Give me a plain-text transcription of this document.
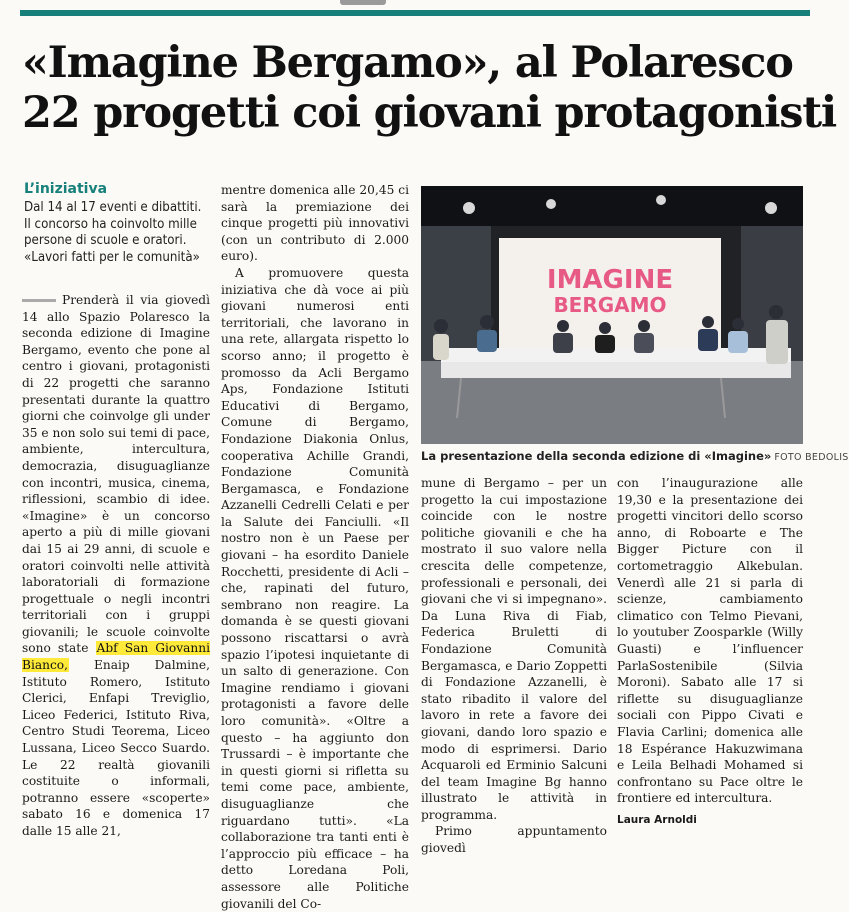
«Imagine Bergamo», al Polaresco
22 progetti coi giovani protagonisti
L’iniziativa
Dal 14 al 17 eventi e dibattiti.
Il concorso ha coinvolto mille
persone di scuole e oratori.
«Lavori fatti per le comunità»

Prenderà il via giovedì 14 allo Spazio Polaresco la seconda edizione di Imagine Bergamo, evento che pone al centro i giovani, protagonisti di 22 progetti che saranno presentati durante la quattro giorni che coinvolge gli under 35 e non solo sui temi di pace, ambiente, intercultura, democrazia, disuguaglianze con incontri, musica, cinema, riflessioni, scambio di idee. «Imagine» è un concorso aperto a più di mille giovani dai 15 ai 29 anni, di scuole e oratori coinvolti nelle attività laboratoriali di formazione progettuale o negli incontri territoriali con i gruppi giovanili; le scuole coinvolte sono state Abf San Giovanni Bianco, Enaip Dalmine, Istituto Romero, Istituto Clerici, Enfapi Treviglio, Liceo Federici, Istituto Riva, Centro Studi Teorema, Liceo Lussana, Liceo Secco Suardo. Le 22 realtà giovanili costituite o informali, potranno essere «scoperte» sabato 16 e domenica 17 dalle 15 alle 21,

mentre domenica alle 20,45 ci sarà la premiazione dei cinque progetti più innovativi (con un contributo di 2.000 euro).

A promuovere questa iniziativa che dà voce ai più giovani numerosi enti territoriali, che lavorano in una rete, allargata rispetto lo scorso anno; il progetto è promosso da Acli Bergamo Aps, Fondazione Istituti Educativi di Bergamo, Comune di Bergamo, Fondazione Diakonia Onlus, cooperativa Achille Grandi, Fondazione Comunità Bergamasca, e Fondazione Azzanelli Cedrelli Celati e per la Salute dei Fanciulli. «Il nostro non è un Paese per giovani – ha esordito Daniele Rocchetti, presidente di Acli – che, rapinati del futuro, sembrano non reagire. La domanda è se questi giovani possono riscattarsi o avrà spazio l’ipotesi inquietante di un salto di generazione. Con Imagine rendiamo i giovani protagonisti a favore delle loro comunità». «Oltre a questo – ha aggiunto don Trussardi – è importante che in questi giorni si rifletta su temi come pace, ambiente, disuguaglianze che riguardano tutti». «La collaborazione tra tanti enti è l’approccio più efficace – ha detto Loredana Poli, assessore alle Politiche giovanili del Co-

IMAGINE
BERGAMO
La presentazione della seconda edizione di «Imagine» FOTO BEDOLIS

mune di Bergamo – per un progetto la cui impostazione coincide con le nostre politiche giovanili e che ha mostrato il suo valore nella crescita delle competenze, professionali e personali, dei giovani che vi si impegnano». Da Luna Riva di Fiab, Federica Bruletti di Fondazione Comunità Bergamasca, e Dario Zoppetti di Fondazione Azzanelli, è stato ribadito il valore del lavoro in rete a favore dei giovani, dando loro spazio e modo di esprimersi. Dario Acquaroli ed Erminio Salcuni del team Imagine Bg hanno illustrato le attività in programma.

Primo appuntamento giovedì

con l’inaugurazione alle 19,30 e la presentazione dei progetti vincitori dello scorso anno, di Roboarte e The Bigger Picture con il cortometraggio Alkebulan. Venerdì alle 21 si parla di scienze, cambiamento climatico con Telmo Pievani, lo youtuber Zoosparkle (Willy Guasti) e l’influencer ParlaSostenibile (Silvia Moroni). Sabato alle 17 si riflette su disuguaglianze sociali con Pippo Civati e Flavia Carlini; domenica alle 18 Espérance Hakuzwimana e Leila Belhadi Mohamed si confrontano su Pace oltre le frontiere ed intercultura.

Laura Arnoldi
